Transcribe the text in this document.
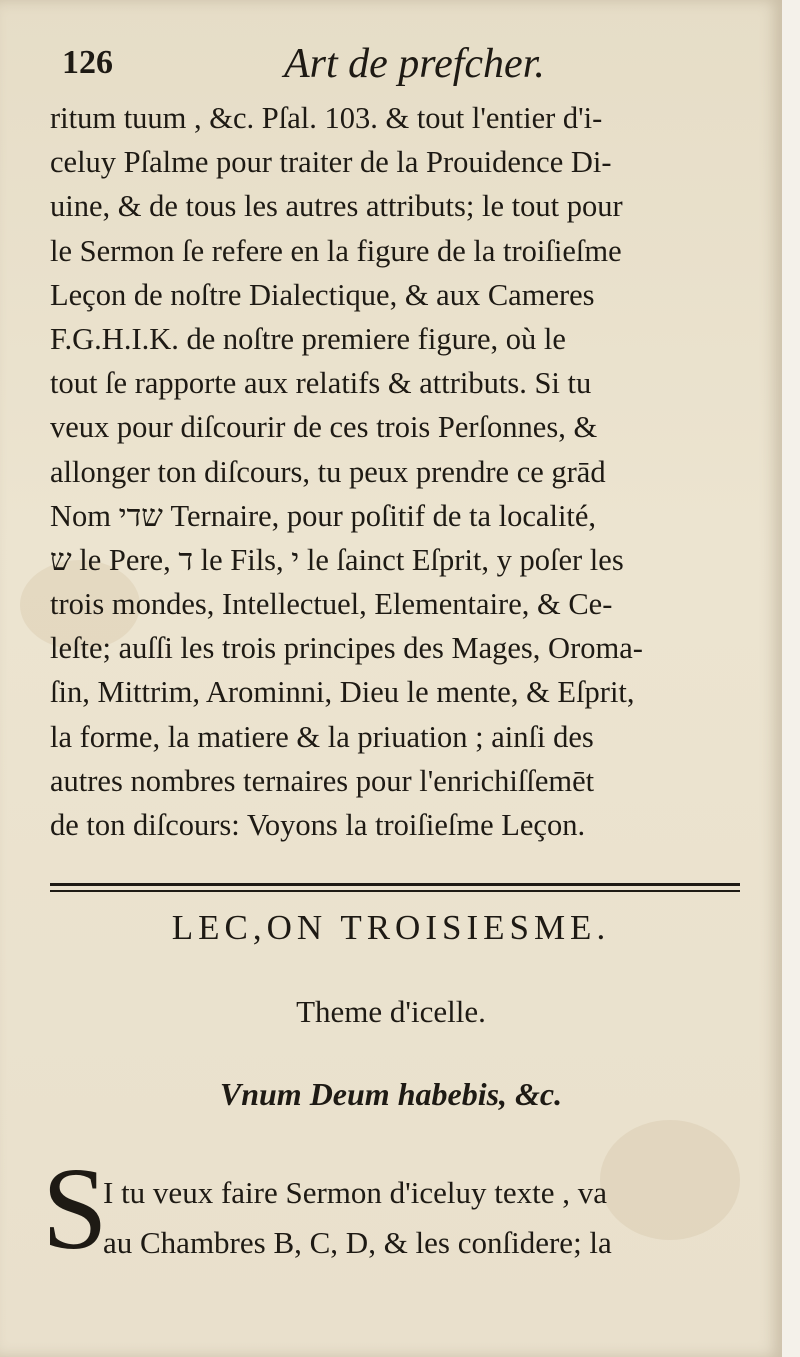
126	Art de prefcher.
ritum tuum , &c. Pſal. 103. & tout l'entier d'i-
celuy Pſalme pour traiter de la Prouidence Di-
uine, & de tous les autres attributs; le tout pour
le Sermon ſe refere en la figure de la troiſieſme
Leçon de noſtre Dialectique, & aux Cameres
F.G.H.I.K. de noſtre premiere figure, où le
tout ſe rapporte aux relatifs & attributs. Si tu
veux pour diſcourir de ces trois Perſonnes, &
allonger ton diſcours, tu peux prendre ce grād
Nom שדי Ternaire, pour poſitif de ta localité,
ש le Pere, ד le Fils, י le ſainct Eſprit, y poſer les
trois mondes, Intellectuel, Elementaire, & Ce-
leſte; auſſi les trois principes des Mages, Oroma-
ſin, Mittrim, Arominni, Dieu le mente, & Eſprit,
la forme, la matiere & la priuation ; ainſi des
autres nombres ternaires pour l'enrichiſſemēt
de ton diſcours: Voyons la troiſieſme Leçon.
LEC,ON TROISIESME.
Theme d'icelle.
Vnum Deum habebis, &c.
S
I tu veux faire Sermon d'iceluy texte , va
au Chambres B, C, D, & les conſidere; la
